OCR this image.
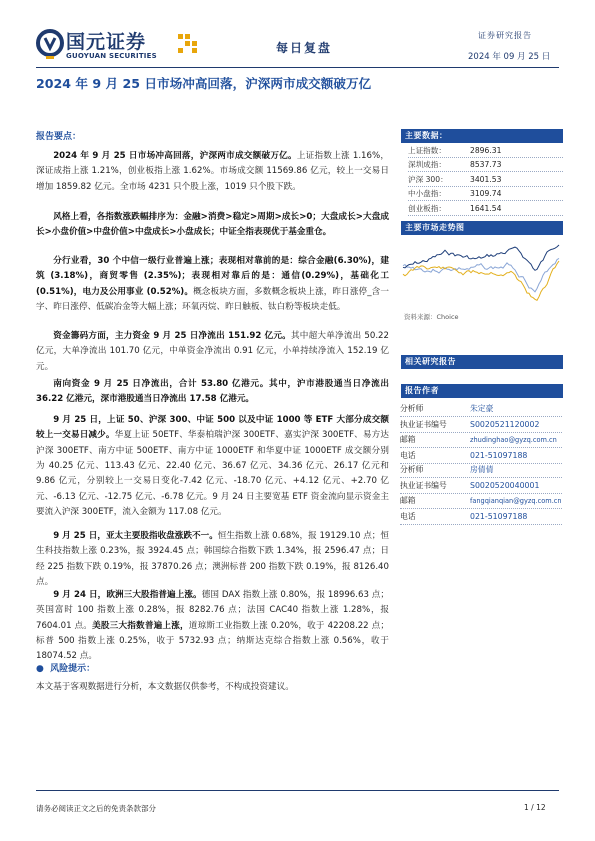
国元证券
GUOYUAN SECURITIES
每日复盘
证券研究报告
2024 年 09 月 25 日
2024 年 9 月 25 日市场冲高回落，沪深两市成交额破万亿
报告要点：
2024 年 9 月 25 日市场冲高回落，沪深两市成交额破万亿。上证指数上涨 1.16%，深证成指上涨 1.21%，创业板指上涨 1.62%。市场成交额 11569.86 亿元，较上一交易日增加 1859.82 亿元。全市场 4231 只个股上涨，1019 只个股下跌。
风格上看，各指数涨跌幅排序为：金融>消费>稳定>周期>成长>0；大盘成长>大盘成长>小盘价值>中盘价值>中盘成长>小盘成长；中证全指表现优于基金重仓。
分行业看，30 个中信一级行业普遍上涨；表现相对靠前的是：综合金融(6.30%)，建筑 (3.18%)，商贸零售 (2.35%)；表现相对靠后的是：通信(0.29%)，基础化工 (0.51%)，电力及公用事业 (0.52%)。概念板块方面，多数概念板块上涨，昨日涨停_含一字、昨日涨停、低碳冶金等大幅上涨；环氧丙烷、昨日触板、钛白粉等板块走低。
资金籌码方面，主力资金 9 月 25 日净流出 151.92 亿元。其中超大单净流出 50.22 亿元，大单净流出 101.70 亿元，中单资金净流出 0.91 亿元，小单持续净流入 152.19 亿元。
南向资金 9 月 25 日净流出，合计 53.80 亿港元。其中，沪市港股通当日净流出 36.22 亿港元，深市港股通当日净流出 17.58 亿港元。
9 月 25 日，上证 50、沪深 300、中证 500 以及中证 1000 等 ETF 大部分成交额较上一交易日减少。华夏上证 50ETF、华泰柏瑞沪深 300ETF、嘉实沪深 300ETF、易方达沪深 300ETF、南方中证 500ETF、南方中证 1000ETF 和华夏中证 1000ETF 成交额分别为 40.25 亿元、113.43 亿元、22.40 亿元、36.67 亿元、34.36 亿元、26.17 亿元和 9.86 亿元，分别较上一交易日变化-7.42 亿元、-18.70 亿元、+4.12 亿元、+2.70 亿元、-6.13 亿元、-12.75 亿元、-6.78 亿元。9 月 24 日主要宽基 ETF 资金流向显示资金主要流入沪深 300ETF，流入金额为 117.08 亿元。
9 月 25 日，亚太主要股指收盘涨跌不一。恒生指数上涨 0.68%，报 19129.10 点；恒生科技指数上涨 0.23%，报 3924.45 点；韩国综合指数下跌 1.34%，报 2596.47 点；日经 225 指数下跌 0.19%，报 37870.26 点；澳洲标普 200 指数下跌 0.19%，报 8126.40 点。
9 月 24 日，欧洲三大股指普遍上涨。德国 DAX 指数上涨 0.80%，报 18996.63 点；英国富时 100 指数上涨 0.28%，报 8282.76 点；法国 CAC40 指数上涨 1.28%，报 7604.01 点。美股三大指数普遍上涨，道琼斯工业指数上涨 0.20%，收于 42208.22 点；标普 500 指数上涨 0.25%，收于 5732.93 点；纳斯达克综合指数上涨 0.56%，收于 18074.52 点。
● 风险提示：
本文基于客观数据进行分析，本文数据仅供参考，不构成投资建议。
主要数据：
上证指数：	2896.31
深圳成指：	8537.73
沪深 300：	3401.53
中小盘指：	3109.74
创业板指：	1641.54
主要市场走势图
资料来源：Choice
相关研究报告
报告作者
分析师	朱定豪
执业证书编号	S0020521120002
邮箱	zhudinghao@gyzq.com.cn
电话	021-51097188
分析师	房倩倩
执业证书编号	S0020520040001
邮箱	fangqianqian@gyzq.com.cn
电话	021-51097188
请务必阅读正文之后的免责条款部分	1 / 12
